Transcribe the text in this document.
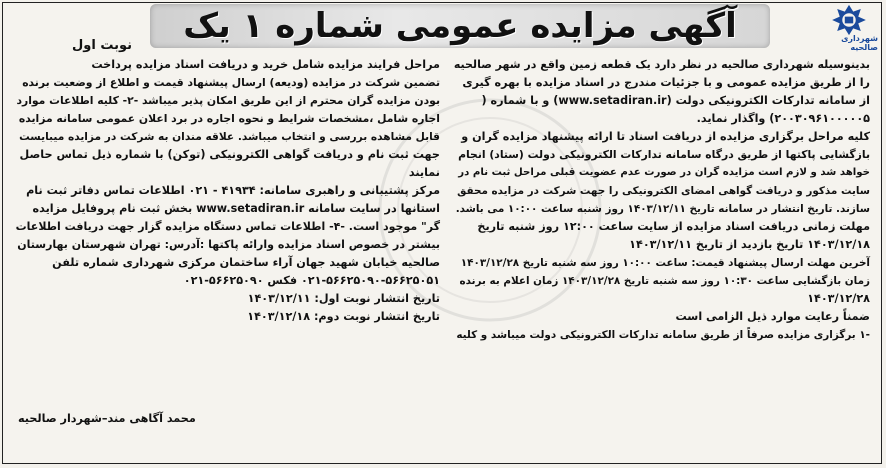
آگهی مزایده عمومی شماره ۱ یک	شهرداری صالحیه
نوبت اول

بدینوسیله شهرداری صالحیه در نظر دارد یک قطعه زمین واقع در شهر صالحیه

را از طریق مزایده عمومی و با جزئیات مندرج در اسناد مزایده با بهره گیری

از سامانه تدارکات الکترونیکی دولت (www.setadiran.ir) و با شماره (

۲۰۰۳۰۹۶۱۰۰۰۰۰۵) واگذار نماید.

کلیه مراحل برگزاری مزایده از دریافت اسناد تا ارائه پیشنهاد مزایده گران و

بازگشایی پاکتها از طریق درگاه سامانه تدارکات الکترونیکی دولت (ستاد) انجام

خواهد شد و لازم است مزایده گران در صورت عدم عضویت قبلی مراحل ثبت نام در

سایت مذکور و دریافت گواهی امضای الکترونیکی را جهت شرکت در مزایده محقق

سازند. تاریخ انتشار در سامانه تاریخ ۱۴۰۳/۱۲/۱۱ روز شنبه ساعت ۱۰:۰۰ می باشد.

مهلت زمانی دریافت اسناد مزایده از سایت ساعت ۱۲:۰۰ روز شنبه تاریخ

۱۴۰۳/۱۲/۱۸ تاریخ بازدید از تاریخ ۱۴۰۳/۱۲/۱۱

آخرین مهلت ارسال پیشنهاد قیمت: ساعت ۱۰:۰۰ روز سه شنبه تاریخ ۱۴۰۳/۱۲/۲۸

زمان بازگشایی ساعت ۱۰:۳۰ روز سه شنبه تاریخ ۱۴۰۳/۱۲/۲۸ زمان اعلام به برنده

۱۴۰۳/۱۲/۲۸

ضمناً رعایت موارد ذیل الزامی است

-۱ برگزاری مزایده صرفاً از طریق سامانه تدارکات الکترونیکی دولت میباشد و کلیه

مراحل فرایند مزایده شامل خرید و دریافت اسناد مزایده پرداخت

تضمین شرکت در مزایده (ودیعه) ارسال پیشنهاد قیمت و اطلاع از وضعیت برنده

بودن مزایده گران محترم از این طریق امکان پذیر میباشد -۲- کلیه اطلاعات موارد

اجاره شامل ،مشخصات شرایط و نحوه اجاره در برد اعلان عمومی سامانه مزایده

قابل مشاهده بررسی و انتخاب میباشد. علاقه مندان به شرکت در مزایده میبایست

جهت ثبت نام و دریافت گواهی الکترونیکی (توکن) با شماره ذیل تماس حاصل

نمایند

مرکز پشتیبانی و راهبری سامانه: ۴۱۹۳۴ - ۰۲۱ اطلاعات تماس دفاتر ثبت نام

استانها در سایت سامانه www.setadiran.ir بخش ثبت نام پروفایل مزایده

گر" موجود است. -۴- اطلاعات تماس دستگاه مزایده گزار جهت دریافت اطلاعات

بیشتر در خصوص اسناد مزایده وارائه پاکتها :آدرس: تهران شهرستان بهارستان

صالحیه خیابان شهید جهان آراء ساختمان مرکزی شهرداری شماره تلفن

۰۲۱-۵۶۶۲۵۰۹۰-۵۶۶۲۵۰۵۱ فکس ۵۶۶۲۵۰۹۰-۰۲۱

تاریخ انتشار نوبت اول: ۱۴۰۳/۱۲/۱۱

تاریخ انتشار نوبت دوم: ۱۴۰۳/۱۲/۱۸

محمد آگاهی مند–شهردار صالحیه
